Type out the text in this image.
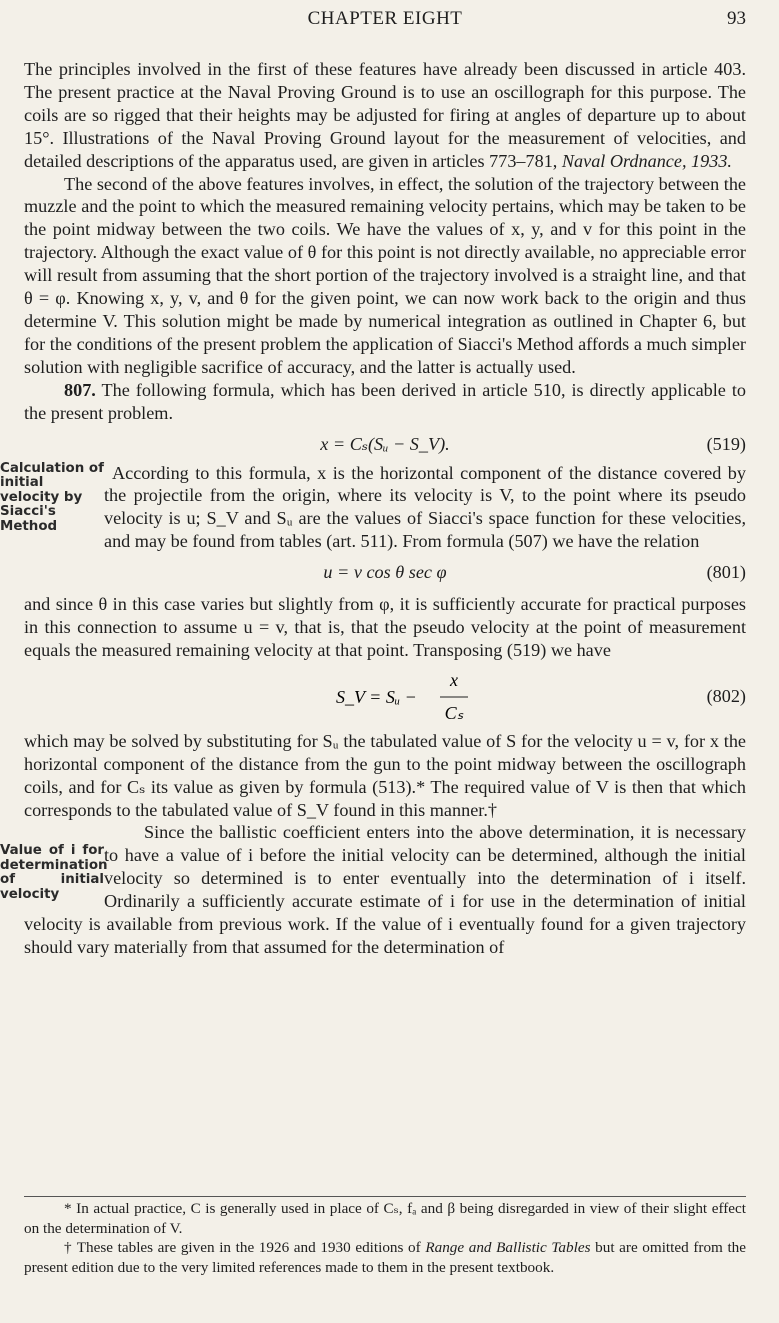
CHAPTER EIGHT	93

The principles involved in the first of these features have already been discussed in article 403. The present practice at the Naval Proving Ground is to use an oscillograph for this purpose. The coils are so rigged that their heights may be adjusted for firing at angles of departure up to about 15°. Illustrations of the Naval Proving Ground layout for the measurement of velocities, and detailed descriptions of the apparatus used, are given in articles 773–781, Naval Ordnance, 1933.

The second of the above features involves, in effect, the solution of the trajectory between the muzzle and the point to which the measured remaining velocity pertains, which may be taken to be the point midway between the two coils. We have the values of x, y, and v for this point in the trajectory. Although the exact value of θ for this point is not directly available, no appreciable error will result from assuming that the short portion of the trajectory involved is a straight line, and that θ = φ. Knowing x, y, v, and θ for the given point, we can now work back to the origin and thus determine V. This solution might be made by numerical integration as outlined in Chapter 6, but for the conditions of the present problem the application of Siacci's Method affords a much simpler solution with negligible sacrifice of accuracy, and the latter is actually used.

807. The following formula, which has been derived in article 510, is directly applicable to the present problem.

x = Cₛ(Sᵤ − S_V).	(519)
Calculation of initial velocity by Siacci's Method

According to this formula, x is the horizontal component of the distance covered by the projectile from the origin, where its velocity is V, to the point where its pseudo velocity is u; S_V and Sᵤ are the values of Siacci's space function for these velocities, and may be found from tables (art. 511). From formula (507) we have the relation

u = v cos θ sec φ	(801)

and since θ in this case varies but slightly from φ, it is sufficiently accurate for practical purposes in this connection to assume u = v, that is, that the pseudo velocity at the point of measurement equals the measured remaining velocity at that point. Transposing (519) we have

S_V = Sᵤ −
x
Cₛ
(802)

which may be solved by substituting for Sᵤ the tabulated value of S for the velocity u = v, for x the horizontal component of the distance from the gun to the point midway between the oscillograph coils, and for Cₛ its value as given by formula (513).* The required value of V is then that which corresponds to the tabulated value of S_V found in this manner.†

Value of i for determination of initial velocity
Since the ballistic coefficient enters into the above determination, it is necessary to have a value of i before the initial velocity can be determined, although the initial velocity so determined is to enter eventually into the determination of i itself. Ordinarily a sufficiently accurate estimate of i for use in the determination of initial velocity is available from previous work. If the value of i eventually found for a given trajectory should vary materially from that assumed for the determination of

* In actual practice, C is generally used in place of Cₛ, fₐ and β being disregarded in view of their slight effect on the determination of V.

† These tables are given in the 1926 and 1930 editions of Range and Ballistic Tables but are omitted from the present edition due to the very limited references made to them in the present textbook.
